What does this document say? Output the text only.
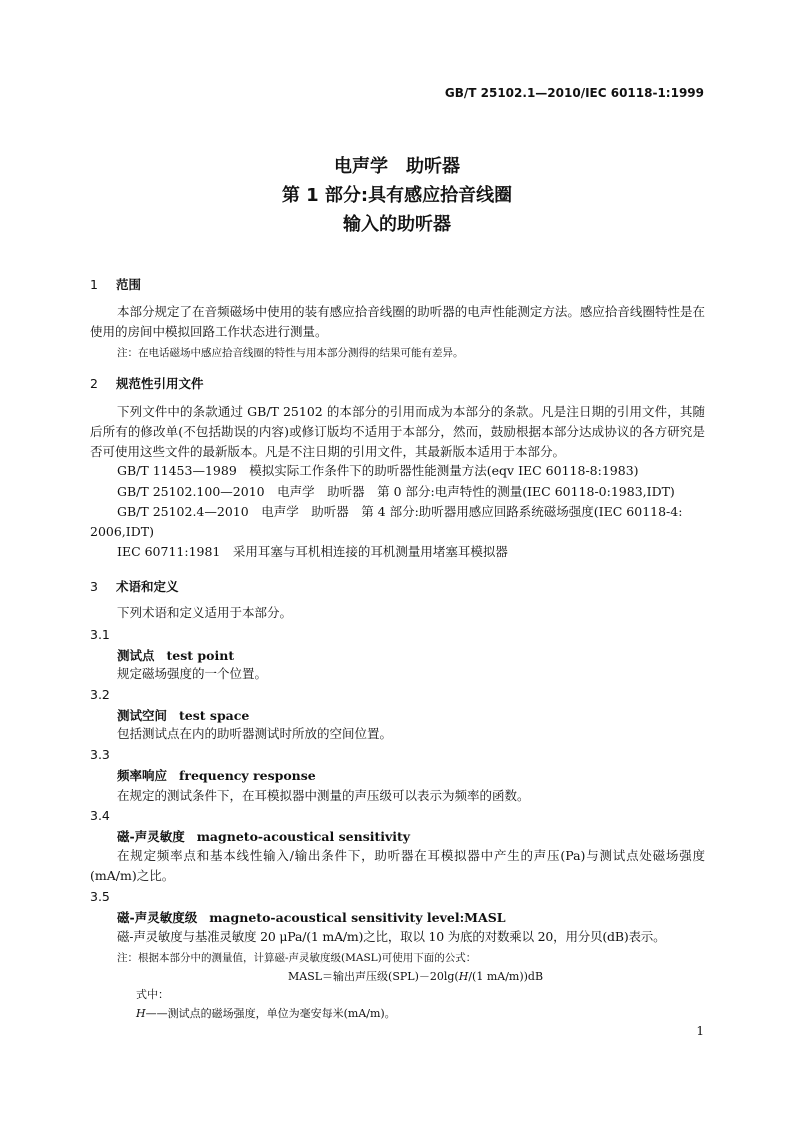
GB/T 25102.1—2010/IEC 60118-1:1999
电声学　助听器
第 1 部分:具有感应拾音线圈
输入的助听器
1 范围
本部分规定了在音频磁场中使用的装有感应拾音线圈的助听器的电声性能测定方法。感应拾音线圈特性是在使用的房间中模拟回路工作状态进行测量。
注：在电话磁场中感应拾音线圈的特性与用本部分测得的结果可能有差异。
2 规范性引用文件
下列文件中的条款通过 GB/T 25102 的本部分的引用而成为本部分的条款。凡是注日期的引用文件，其随后所有的修改单(不包括勘误的内容)或修订版均不适用于本部分，然而，鼓励根据本部分达成协议的各方研究是否可使用这些文件的最新版本。凡是不注日期的引用文件，其最新版本适用于本部分。
GB/T 11453—1989　模拟实际工作条件下的助听器性能测量方法(eqv IEC 60118-8:1983)
GB/T 25102.100—2010　电声学　助听器　第 0 部分:电声特性的测量(IEC 60118-0:1983,IDT)
GB/T 25102.4—2010　电声学　助听器　第 4 部分:助听器用感应回路系统磁场强度(IEC 60118-4:
2006,IDT)
IEC 60711:1981　采用耳塞与耳机相连接的耳机测量用堵塞耳模拟器
3 术语和定义
下列术语和定义适用于本部分。
3.1
测试点 test point
规定磁场强度的一个位置。
3.2
测试空间 test space
包括测试点在内的助听器测试时所放的空间位置。
3.3
频率响应 frequency response
在规定的测试条件下，在耳模拟器中测量的声压级可以表示为频率的函数。
3.4
磁-声灵敏度 magneto-acoustical sensitivity
在规定频率点和基本线性输入/输出条件下，助听器在耳模拟器中产生的声压(Pa)与测试点处磁场强度(mA/m)之比。
3.5
磁-声灵敏度级 magneto-acoustical sensitivity level:MASL
磁-声灵敏度与基准灵敏度 20 μPa/(1 mA/m)之比，取以 10 为底的对数乘以 20，用分贝(dB)表示。
注：根据本部分中的测量值，计算磁-声灵敏度级(MASL)可使用下面的公式：
MASL＝输出声压级(SPL)－20lg(H/(1 mA/m))dB
式中：
H——测试点的磁场强度，单位为毫安每米(mA/m)。
1
